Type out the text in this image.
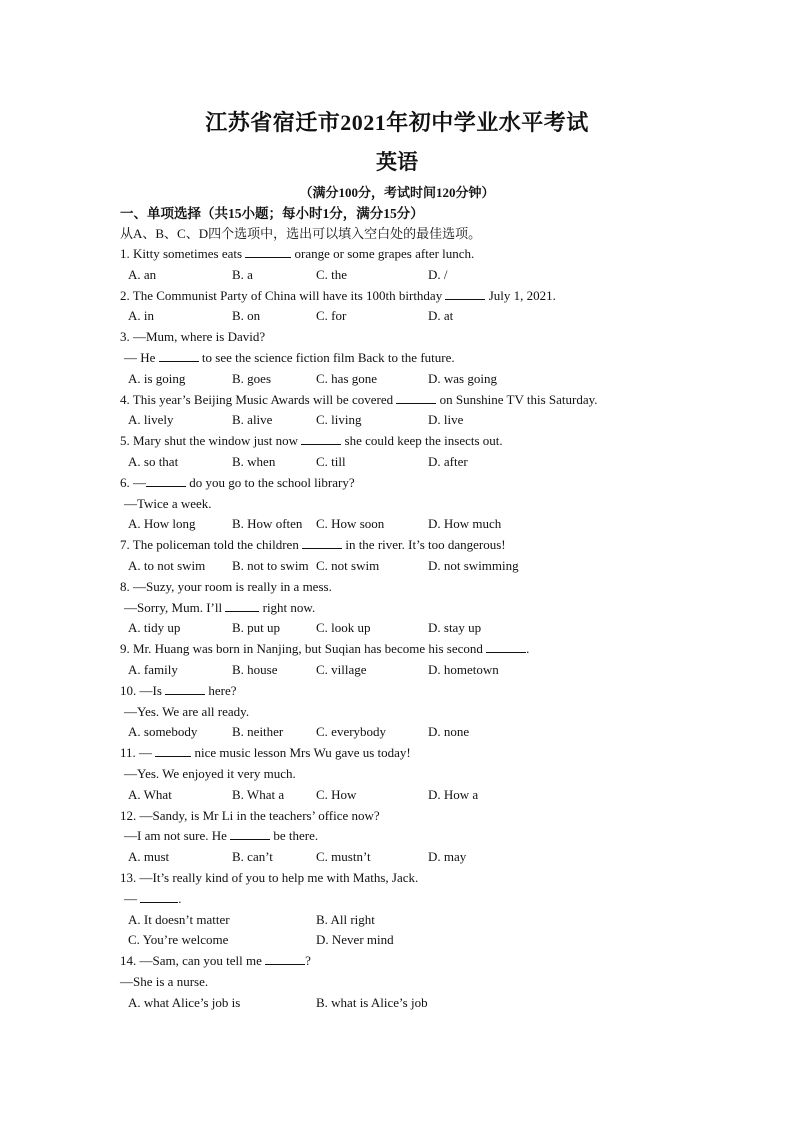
江苏省宿迁市2021年初中学业水平考试
英语
（满分100分，考试时间120分钟）
一、单项选择（共15小题；每小时1分，满分15分）
从A、B、C、D四个选项中，选出可以填入空白处的最佳选项。
1. Kitty sometimes eats	orange or some grapes after lunch.
A. an	B. a	C. the	D. /
2. The Communist Party of China will have its 100th birthday	July 1, 2021.
A. in	B. on	C. for	D. at
3. —Mum, where is David?
— He	to see the science fiction film Back to the future.
A. is going	B. goes	C. has gone	D. was going
4. This year’s Beijing Music Awards will be covered	on Sunshine TV this Saturday.
A. lively	B. alive	C. living	D. live
5. Mary shut the window just now	she could keep the insects out.
A. so that	B. when	C. till	D. after
6. —	do you go to the school library?
—Twice a week.
A. How long	B. How often C. How soon	D. How much
7. The policeman told the children	in the river. It’s too dangerous!
A. to not swim B. not to swim C. not swim	D. not swimming
8. —Suzy, your room is really in a mess.
—Sorry, Mum. I’ll	right now.
A. tidy up	B. put up	C. look up	D. stay up
9. Mr. Huang was born in Nanjing, but Suqian has become his second	.
A. family	B. house	C. village	D. hometown
10. —Is	here?
—Yes. We are all ready.
A. somebody	B. neither	C. everybody	D. none
11. —	nice music lesson Mrs Wu gave us today!
—Yes. We enjoyed it very much.
A. What	B. What a C. How	D. How a
12. —Sandy, is Mr Li in the teachers’ office now?
—I am not sure. He	be there.
A. must	B. can’t	C. mustn’t	D. may
13. —It’s really kind of you to help me with Maths, Jack.
—	.
A. It doesn’t matter	B. All right
C. You’re welcome	D. Never mind
14. —Sam, can you tell me	?
—She is a nurse.
A. what Alice’s job is	B. what is Alice’s job
